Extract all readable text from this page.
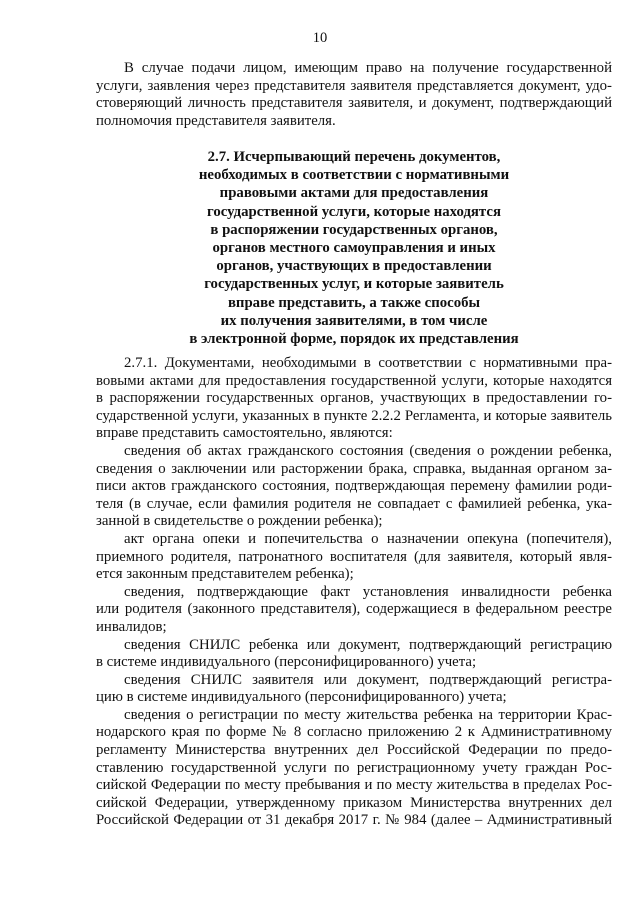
10
В случае подачи лицом, имеющим право на получение государственной
услуги, заявления через представителя заявителя представляется документ, удо-
стоверяющий личность представителя заявителя, и документ, подтверждающий
полномочия представителя заявителя.
2.7. Исчерпывающий перечень документов,
необходимых в соответствии с нормативными
правовыми актами для предоставления
государственной услуги, которые находятся
в распоряжении государственных органов,
органов местного самоуправления и иных
органов, участвующих в предоставлении
государственных услуг, и которые заявитель
вправе представить, а также способы
их получения заявителями, в том числе
в электронной форме, порядок их представления
2.7.1. Документами, необходимыми в соответствии с нормативными пра-
вовыми актами для предоставления государственной услуги, которые находятся
в распоряжении государственных органов, участвующих в предоставлении го-
сударственной услуги, указанных в пункте 2.2.2 Регламента, и которые заявитель
вправе представить самостоятельно, являются:
сведения об актах гражданского состояния (сведения о рождении ребенка,
сведения о заключении или расторжении брака, справка, выданная органом за-
писи актов гражданского состояния, подтверждающая перемену фамилии роди-
теля (в случае, если фамилия родителя не совпадает с фамилией ребенка, ука-
занной в свидетельстве о рождении ребенка);
акт органа опеки и попечительства о назначении опекуна (попечителя),
приемного родителя, патронатного воспитателя (для заявителя, который явля-
ется законным представителем ребенка);
сведения, подтверждающие факт установления инвалидности ребенка
или родителя (законного представителя), содержащиеся в федеральном реестре
инвалидов;
сведения СНИЛС ребенка или документ, подтверждающий регистрацию
в системе индивидуального (персонифицированного) учета;
сведения СНИЛС заявителя или документ, подтверждающий регистра-
цию в системе индивидуального (персонифицированного) учета;
сведения о регистрации по месту жительства ребенка на территории Крас-
нодарского края по форме № 8 согласно приложению 2 к Административному
регламенту Министерства внутренних дел Российской Федерации по предо-
ставлению государственной услуги по регистрационному учету граждан Рос-
сийской Федерации по месту пребывания и по месту жительства в пределах Рос-
сийской Федерации, утвержденному приказом Министерства внутренних дел
Российской Федерации от 31 декабря 2017 г. № 984 (далее – Административный
